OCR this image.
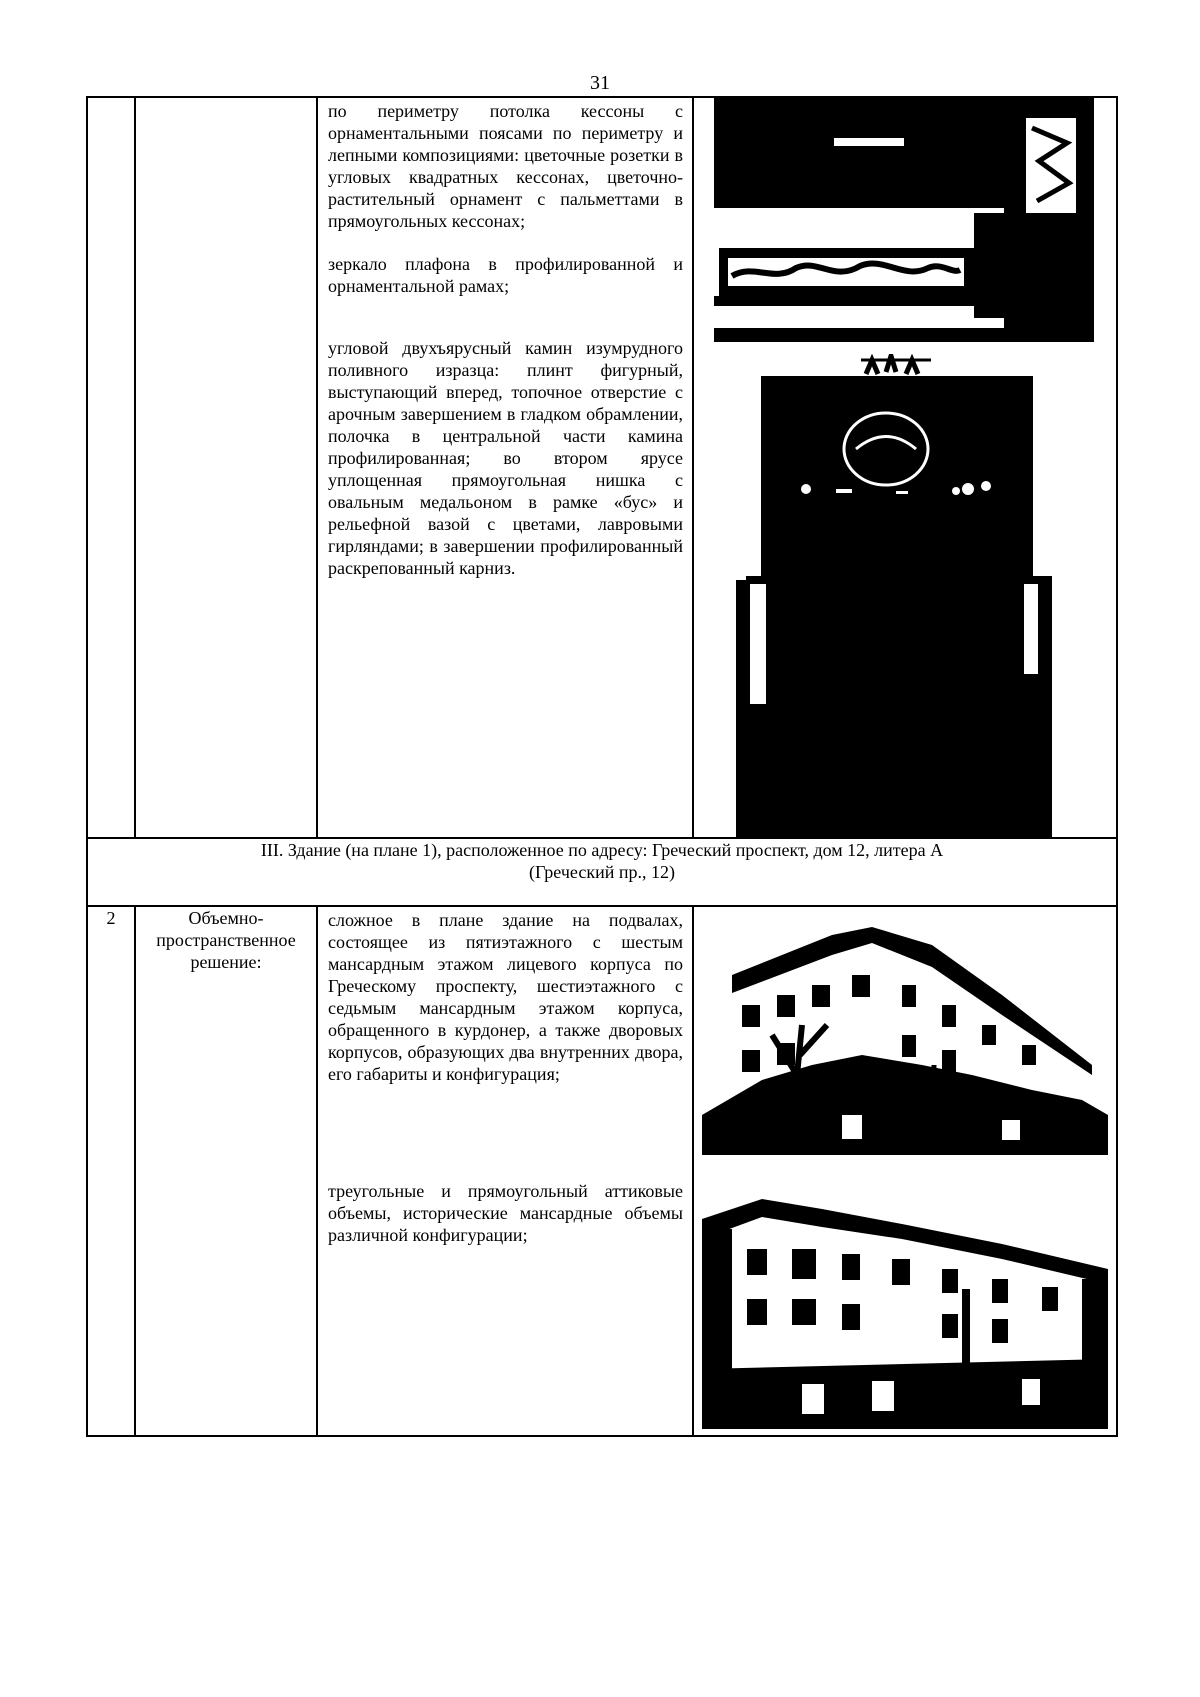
31

		по периметру потолка кессоны с орнаментальными поясами по периметру и лепными композициями: цветочные розетки в угловых квадратных кессонах, цветочно- растительный орнамент с пальметтами в прямоугольных кессонах;

зеркало плафона в профилированной и орнаментальной рамах;

угловой двухъярусный камин изумрудного поливного изразца: плинт фигурный, выступающий вперед, топочное отверстие с арочным завершением в гладком обрамлении, полочка в центральной части камина профилированная; во втором ярусе уплощенная прямоугольная нишка с овальным медальоном в рамке «бус» и рельефной вазой с цветами, лавровыми гирляндами; в завершении профилированный раскрепованный карниз.

III. Здание (на плане 1), расположенное по адресу: Греческий проспект, дом 12, литера А
(Греческий пр., 12)			

2	Объемно-пространственное решение:	сложное в плане здание на подвалах, состоящее из пятиэтажного с шестым мансардным этажом лицевого корпуса по Греческому проспекту, шестиэтажного с седьмым мансардным этажом корпуса, обращенного в курдонер, а также дворовых корпусов, образующих два внутренних двора, его габариты и конфигурация;

треугольные и прямоугольный аттиковые объемы, исторические мансардные объемы различной конфигурации;
